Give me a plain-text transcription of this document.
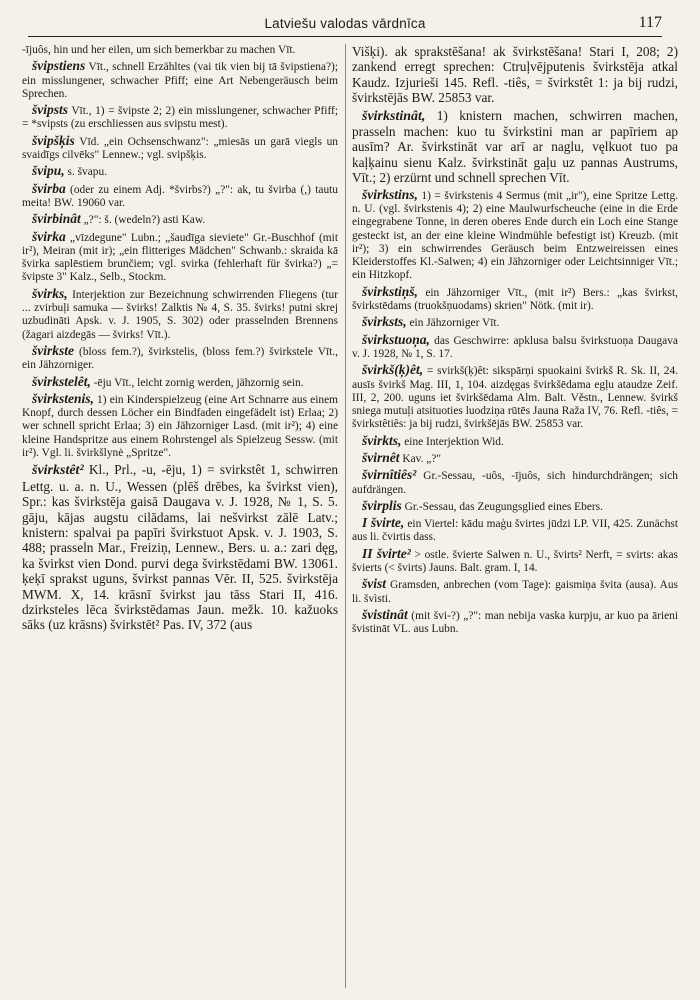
Latviešu valodas vārdnīca	117

-ījuôs, hin und her eilen, um sich bemerkbar zu machen Vīt.

švipstiens Vīt., schnell Erzähltes (vai tik vien bij tā švipstiena?); ein misslungener, schwacher Pfiff; eine Art Nebengeräusch beim Sprechen.

švipsts Vīt., 1) = švipste 2; 2) ein misslungener, schwacher Pfiff; = *svipsts (zu erschliessen aus svipstu mest).

švipšķis Vīd. „ein Ochsenschwanz": „miesās un garā viegls un svaidīgs cilvēks" Lennew.; vgl. svipšķis.

švipu, s. švapu.

švirba (oder zu einem Adj. *švirbs?) „?": ak, tu švirba (,) tautu meita! BW. 19060 var.

švirbinât „?": š. (wedeln?) asti Kaw.

švirka „vīzdegune" Lubn.; „šaudīga sieviete" Gr.-Buschhof (mit ir²), Meiran (mit ir); „ein flitteriges Mädchen" Schwanb.: skraida kā švirka saplēstiem brunčiem; vgl. svirka (fehlerhaft für švirka?) „= švipste 3" Kalz., Selb., Stockm.

švirks, Interjektion zur Bezeichnung schwirrenden Fliegens (tur ... zvirbuļi samuka — švirks! Zalktis № 4, S. 35. švirks! putni skrej uzbudināti Apsk. v. J. 1905, S. 302) oder prasselnden Brennens (žagari aizdegās — švirks! Vīt.).

švirkste (bloss fem.?), švirkstelis, (bloss fem.?) švirkstele Vīt., ein Jähzorniger.

švirkstelêt, -ēju Vīt., leicht zornig werden, jähzornig sein.

švirkstenis, 1) ein Kinderspielzeug (eine Art Schnarre aus einem Knopf, durch dessen Löcher ein Bindfaden eingefädelt ist) Erlaa; 2) wer schnell spricht Erlaa; 3) ein Jähzorniger Lasd. (mit ir²); 4) eine kleine Handspritze aus einem Rohrstengel als Spielzeug Sessw. (mit ir²). Vgl. li. švirkšlynė „Spritze".

švirkstêt² Kl., Prl., -u, -ēju, 1) = svirkstêt 1, schwirren Lettg. u. a. n. U., Wessen (plēš drēbes, ka švirkst vien), Spr.: kas švirkstēja gaisā Daugava v. J. 1928, № 1, S. 5. gāju, kājas augstu cilādams, lai nešvirkst zālē Latv.; knistern: spalvai pa papīri švirkstuot Apsk. v. J. 1903, S. 488; prasseln Mar., Freiziņ, Lennew., Bers. u. a.: zari dęg, ka švirkst vien Dond. purvi dega švirkstēdami BW. 13061. ķeķī sprakst uguns, švirkst pannas Vēr. II, 525. švirkstēja MWM. X, 14. krāsnī švirkst jau tāss Stari II, 416. dzirksteles lēca švirkstēdamas Jaun. mežk. 10. kažuoks sāks (uz krāsns) švirkstēt² Pas. IV, 372 (aus

Višķi). ak sprakstēšana! ak švirkstēšana! Stari I, 208; 2) zankend erregt sprechen: Ctruļvējputenis švirkstēja atkal Kaudz. Izjurieši 145. Refl. -tiês, = švirkstêt 1: ja bij rudzi, švirkstējās BW. 25853 var.

švirkstinât, 1) knistern machen, schwirren machen, prasseln machen: kuo tu švirkstini man ar papīriem ap ausīm? Ar. švirkstināt var arī ar naglu, vęlkuot tuo pa kaļķainu sienu Kalz. švirkstināt gaļu uz pannas Austrums, Vīt.; 2) erzürnt und schnell sprechen Vīt.

švirkstins, 1) = švirkstenis 4 Sermus (mit „ir"), eine Spritze Lettg. n. U. (vgl. švirkstenis 4); 2) eine Maulwurfscheuche (eine in die Erde eingegrabene Tonne, in deren oberes Ende durch ein Loch eine Stange gesteckt ist, an der eine kleine Windmühle befestigt ist) Kreuzb. (mit ir²); 3) ein schwirrendes Geräusch beim Entzweireissen eines Kleiderstoffes Kl.-Salwen; 4) ein Jähzorniger oder Leichtsinniger Vīt.; ein Hitzkopf.

švirkstiņš, ein Jähzorniger Vīt., (mit ir²) Bers.: „kas švirkst, švirkstēdams (truokšņuodams) skrien" Nötk. (mit ir).

švirksts, ein Jähzorniger Vīt.

švirkstuoņa, das Geschwirre: apklusa balsu švirkstuoņa Daugava v. J. 1928, № 1, S. 17.

švirkš(ķ)êt, = svirkš(ķ)êt: sikspārņi spuokaini švirkš R. Sk. II, 24. ausīs švirkš Mag. III, 1, 104. aizdęgas švirkšēdama egļu ataudze Zeif. III, 2, 200. uguns iet švirkšēdama Alm. Balt. Věstn., Lennew. švirkš sniega mutuļi atsituoties luodziņa rūtēs Jauna Raža IV, 76. Refl. -tiês, = švirkstêtiês: ja bij rudzi, švirkšējās BW. 25853 var.

švirkts, eine Interjektion Wid.

švirnêt Kav. „?"

švirnîtiês² Gr.-Sessau, -uôs, -ījuôs, sich hindurchdrängen; sich aufdrängen.

švirplis Gr.-Sessau, das Zeugungsglied eines Ebers.

I švirte, ein Viertel: kādu maģu švirtes jūdzi LP. VII, 425. Zunächst aus li. čvirtis dass.

II švirte² > ostle. švierte Salwen n. U., švirts² Nerft, = svirts: akas švierts (< švirts) Jauns. Balt. gram. I, 14.

švist Gramsden, anbrechen (vom Tage): gaismiņa švita (ausa). Aus li. švìsti.

švistinât (mit švi-?) „?": man nebija vaska kurpju, ar kuo pa ārieni švistināt VL. aus Lubn.
